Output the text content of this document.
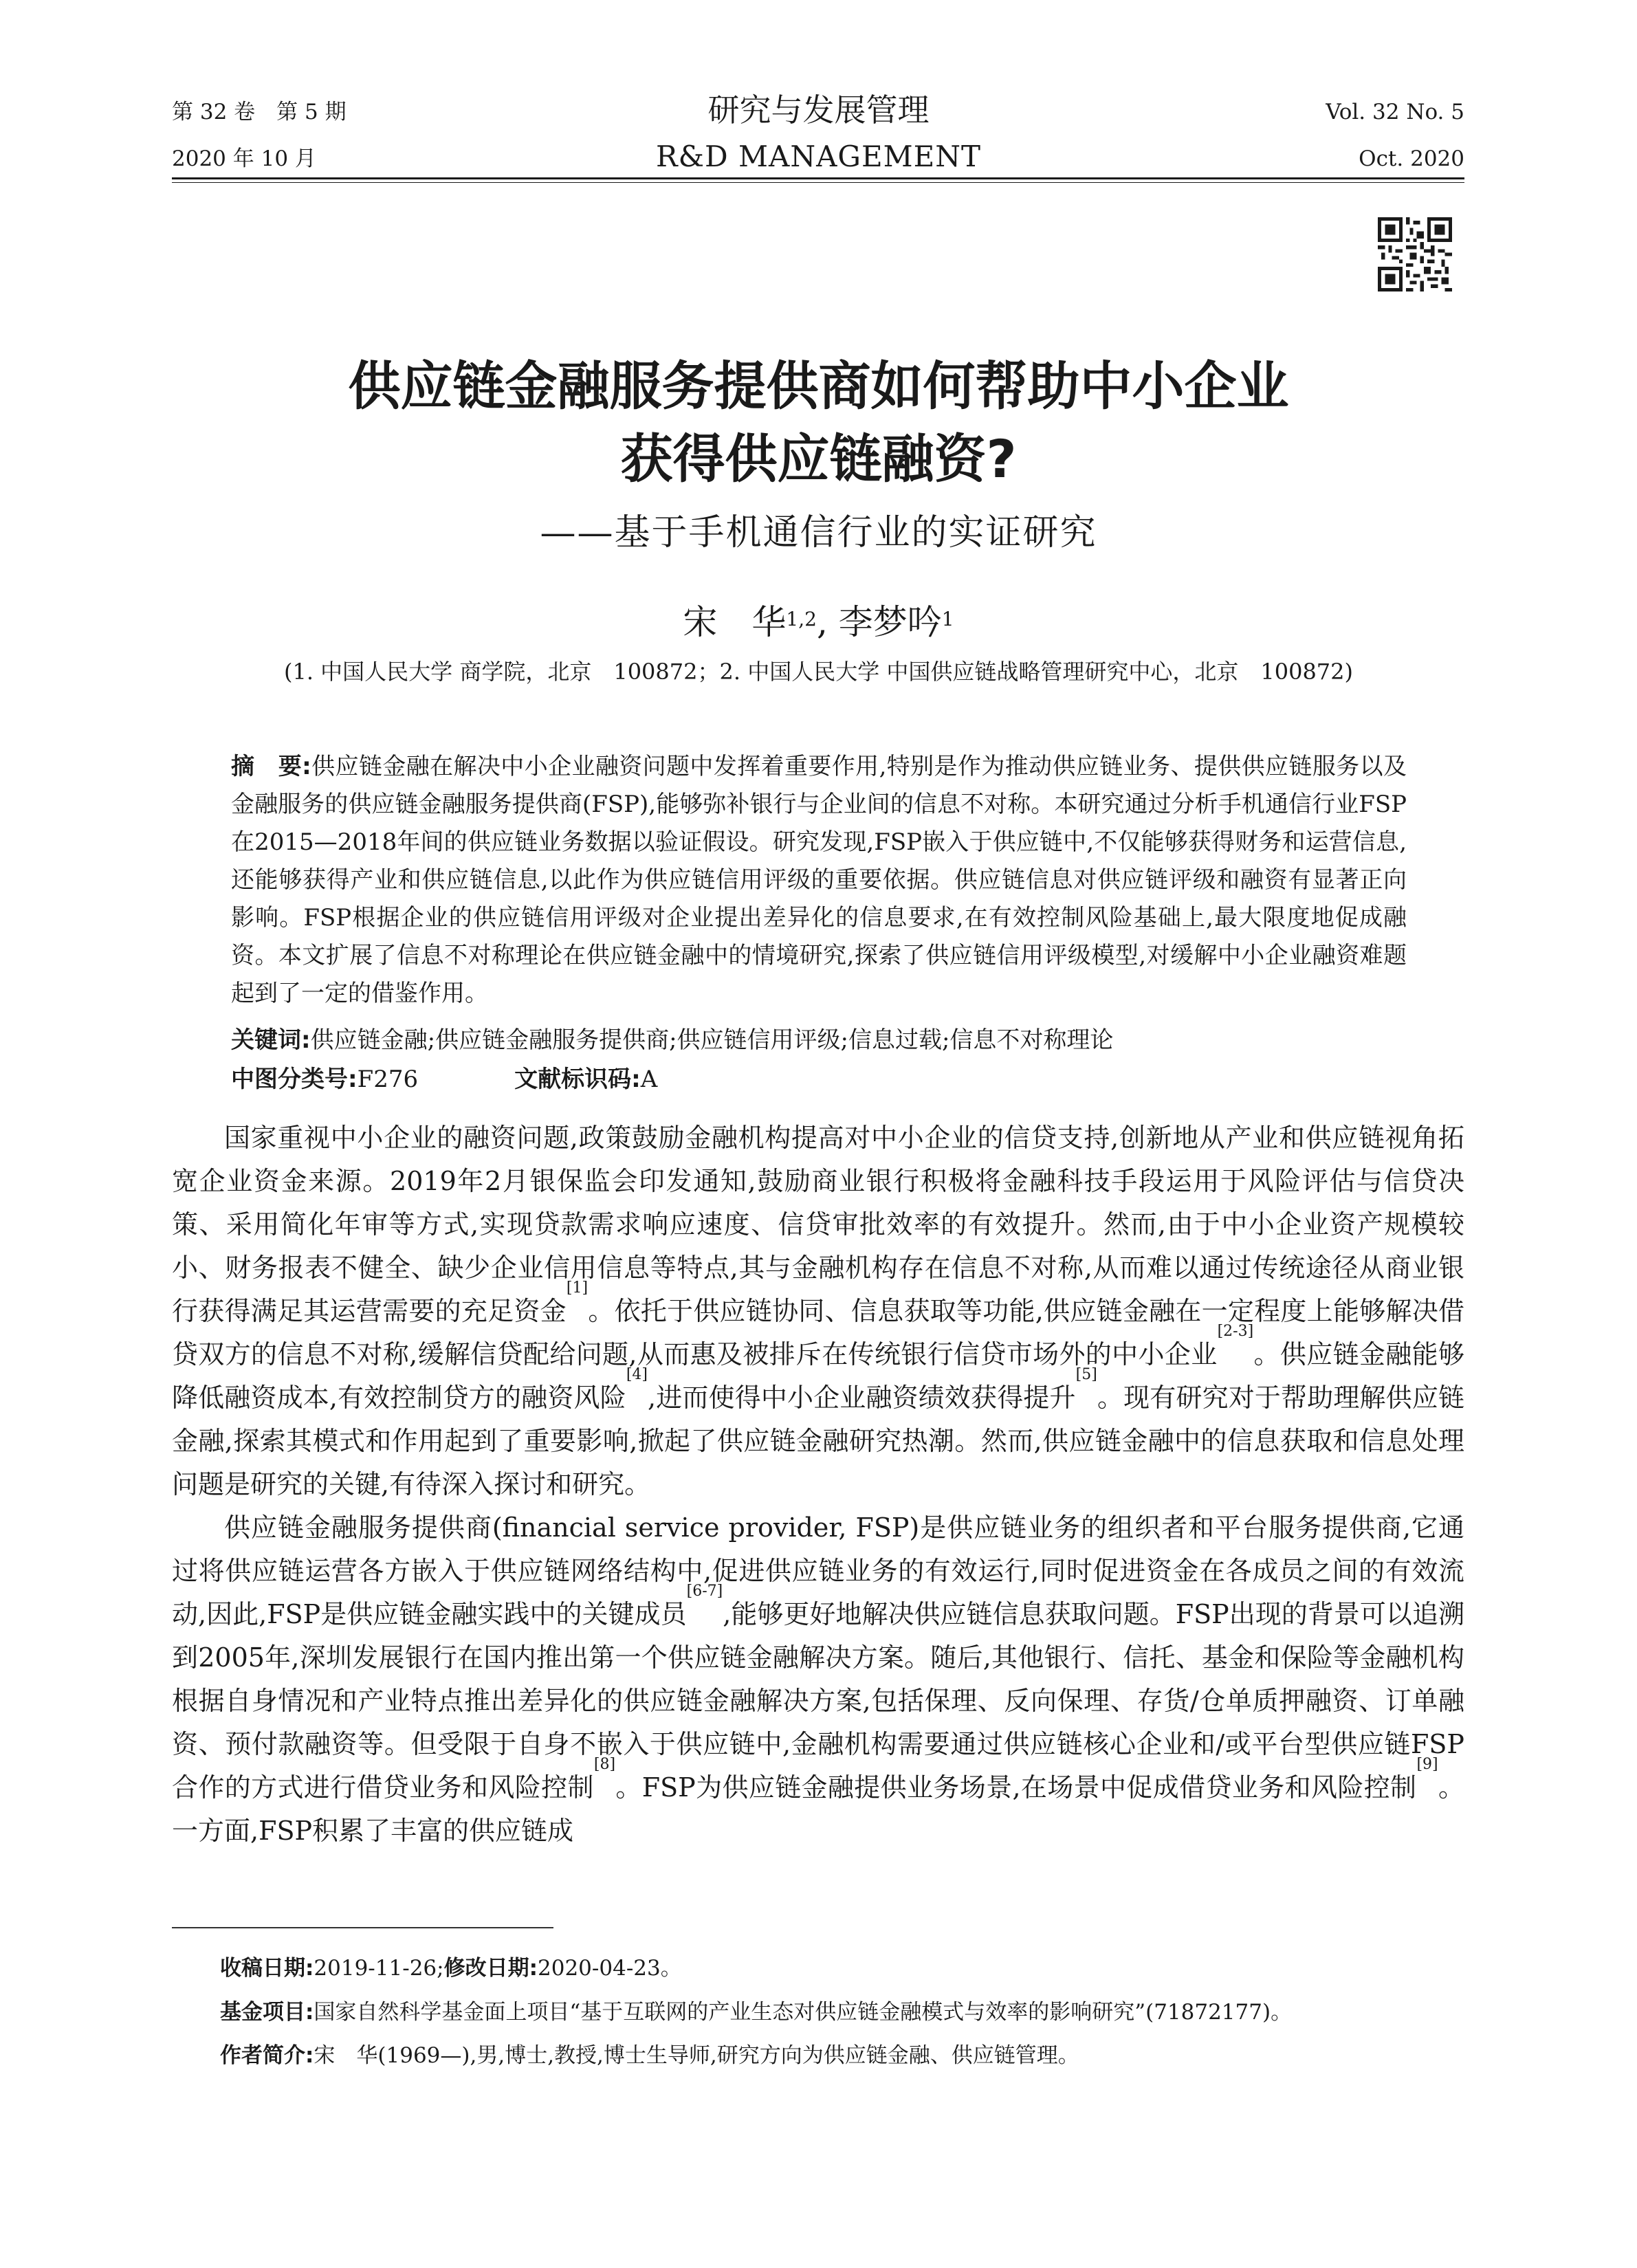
第 32 卷　第 5 期
2020 年 10 月
研究与发展管理
R&D MANAGEMENT
Vol. 32 No. 5
Oct. 2020
供应链金融服务提供商如何帮助中小企业
获得供应链融资?
——基于手机通信行业的实证研究
宋　华$^{1,2}$, 李梦吟$^1$
(1. 中国人民大学 商学院，北京　100872；2. 中国人民大学 中国供应链战略管理研究中心，北京　100872)
摘　要:供应链金融在解决中小企业融资问题中发挥着重要作用,特别是作为推动供应链业务、提供供应链服务以及金融服务的供应链金融服务提供商(FSP),能够弥补银行与企业间的信息不对称。本研究通过分析手机通信行业FSP在2015—2018年间的供应链业务数据以验证假设。研究发现,FSP嵌入于供应链中,不仅能够获得财务和运营信息,还能够获得产业和供应链信息,以此作为供应链信用评级的重要依据。供应链信息对供应链评级和融资有显著正向影响。FSP根据企业的供应链信用评级对企业提出差异化的信息要求,在有效控制风险基础上,最大限度地促成融资。本文扩展了信息不对称理论在供应链金融中的情境研究,探索了供应链信用评级模型,对缓解中小企业融资难题起到了一定的借鉴作用。
关键词:供应链金融;供应链金融服务提供商;供应链信用评级;信息过载;信息不对称理论
中图分类号:F276	文献标识码:A

国家重视中小企业的融资问题,政策鼓励金融机构提高对中小企业的信贷支持,创新地从产业和供应链视角拓宽企业资金来源。2019年2月银保监会印发通知,鼓励商业银行积极将金融科技手段运用于风险评估与信贷决策、采用简化年审等方式,实现贷款需求响应速度、信贷审批效率的有效提升。然而,由于中小企业资产规模较小、财务报表不健全、缺少企业信用信息等特点,其与金融机构存在信息不对称,从而难以通过传统途径从商业银行获得满足其运营需要的充足资金[1]。依托于供应链协同、信息获取等功能,供应链金融在一定程度上能够解决借贷双方的信息不对称,缓解信贷配给问题,从而惠及被排斥在传统银行信贷市场外的中小企业[2-3]。供应链金融能够降低融资成本,有效控制贷方的融资风险[4],进而使得中小企业融资绩效获得提升[5]。现有研究对于帮助理解供应链金融,探索其模式和作用起到了重要影响,掀起了供应链金融研究热潮。然而,供应链金融中的信息获取和信息处理问题是研究的关键,有待深入探讨和研究。

供应链金融服务提供商(financial service provider, FSP)是供应链业务的组织者和平台服务提供商,它通过将供应链运营各方嵌入于供应链网络结构中,促进供应链业务的有效运行,同时促进资金在各成员之间的有效流动,因此,FSP是供应链金融实践中的关键成员[6-7],能够更好地解决供应链信息获取问题。FSP出现的背景可以追溯到2005年,深圳发展银行在国内推出第一个供应链金融解决方案。随后,其他银行、信托、基金和保险等金融机构根据自身情况和产业特点推出差异化的供应链金融解决方案,包括保理、反向保理、存货/仓单质押融资、订单融资、预付款融资等。但受限于自身不嵌入于供应链中,金融机构需要通过供应链核心企业和/或平台型供应链FSP合作的方式进行借贷业务和风险控制[8]。FSP为供应链金融提供业务场景,在场景中促成借贷业务和风险控制[9]。一方面,FSP积累了丰富的供应链成

收稿日期:2019-11-26;修改日期:2020-04-23。
基金项目:国家自然科学基金面上项目“基于互联网的产业生态对供应链金融模式与效率的影响研究”(71872177)。
作者简介:宋　华(1969—),男,博士,教授,博士生导师,研究方向为供应链金融、供应链管理。
